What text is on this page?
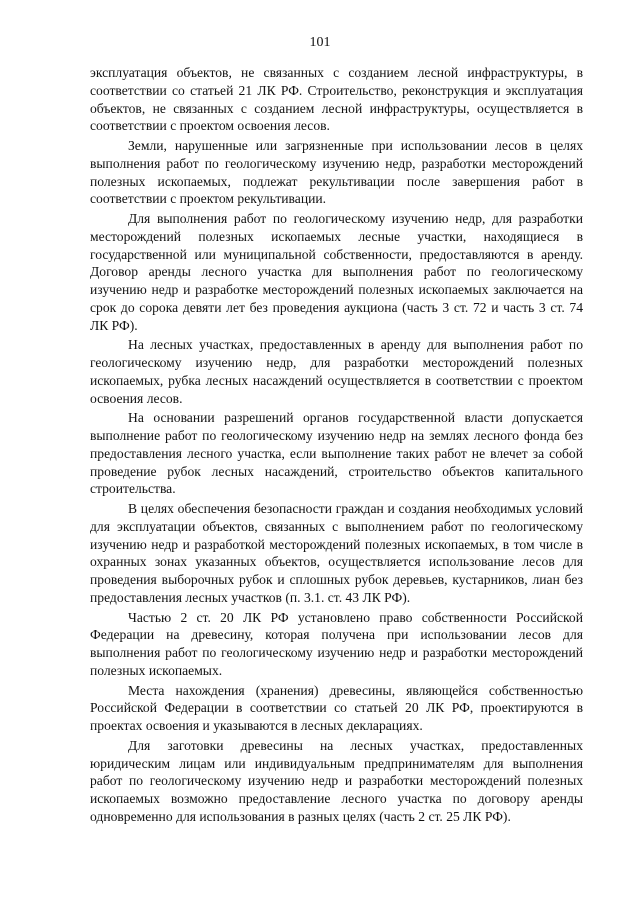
101

эксплуатация объектов, не связанных с созданием лесной инфраструктуры, в соответствии со статьей 21 ЛК РФ. Строительство, реконструкция и эксплуатация объектов, не связанных с созданием лесной инфраструктуры, осуществляется в соответствии с проектом освоения лесов.

Земли, нарушенные или загрязненные при использовании лесов в целях выполнения работ по геологическому изучению недр, разработки месторождений полезных ископаемых, подлежат рекультивации после завершения работ в соответствии с проектом рекультивации.

Для выполнения работ по геологическому изучению недр, для разработки месторождений полезных ископаемых лесные участки, находящиеся в государственной или муниципальной собственности, предоставляются в аренду. Договор аренды лесного участка для выполнения работ по геологическому изучению недр и разработке месторождений полезных ископаемых заключается на срок до сорока девяти лет без проведения аукциона (часть 3 ст. 72 и часть 3 ст. 74 ЛК РФ).

На лесных участках, предоставленных в аренду для выполнения работ по геологическому изучению недр, для разработки месторождений полезных ископаемых, рубка лесных насаждений осуществляется в соответствии с проектом освоения лесов.

На основании разрешений органов государственной власти допускается выполнение работ по геологическому изучению недр на землях лесного фонда без предоставления лесного участка, если выполнение таких работ не влечет за собой проведение рубок лесных насаждений, строительство объектов капитального строительства.

В целях обеспечения безопасности граждан и создания необходимых условий для эксплуатации объектов, связанных с выполнением работ по геологическому изучению недр и разработкой месторождений полезных ископаемых, в том числе в охранных зонах указанных объектов, осуществляется использование лесов для проведения выборочных рубок и сплошных рубок деревьев, кустарников, лиан без предоставления лесных участков (п. 3.1. ст. 43 ЛК РФ).

Частью 2 ст. 20 ЛК РФ установлено право собственности Российской Федерации на древесину, которая получена при использовании лесов для выполнения работ по геологическому изучению недр и разработки месторождений полезных ископаемых.

Места нахождения (хранения) древесины, являющейся собственностью Российской Федерации в соответствии со статьей 20 ЛК РФ, проектируются в проектах освоения и указываются в лесных декларациях.

Для заготовки древесины на лесных участках, предоставленных юридическим лицам или индивидуальным предпринимателям для выполнения работ по геологическому изучению недр и разработки месторождений полезных ископаемых возможно предоставление лесного участка по договору аренды одновременно для использования в разных целях (часть 2 ст. 25 ЛК РФ).
